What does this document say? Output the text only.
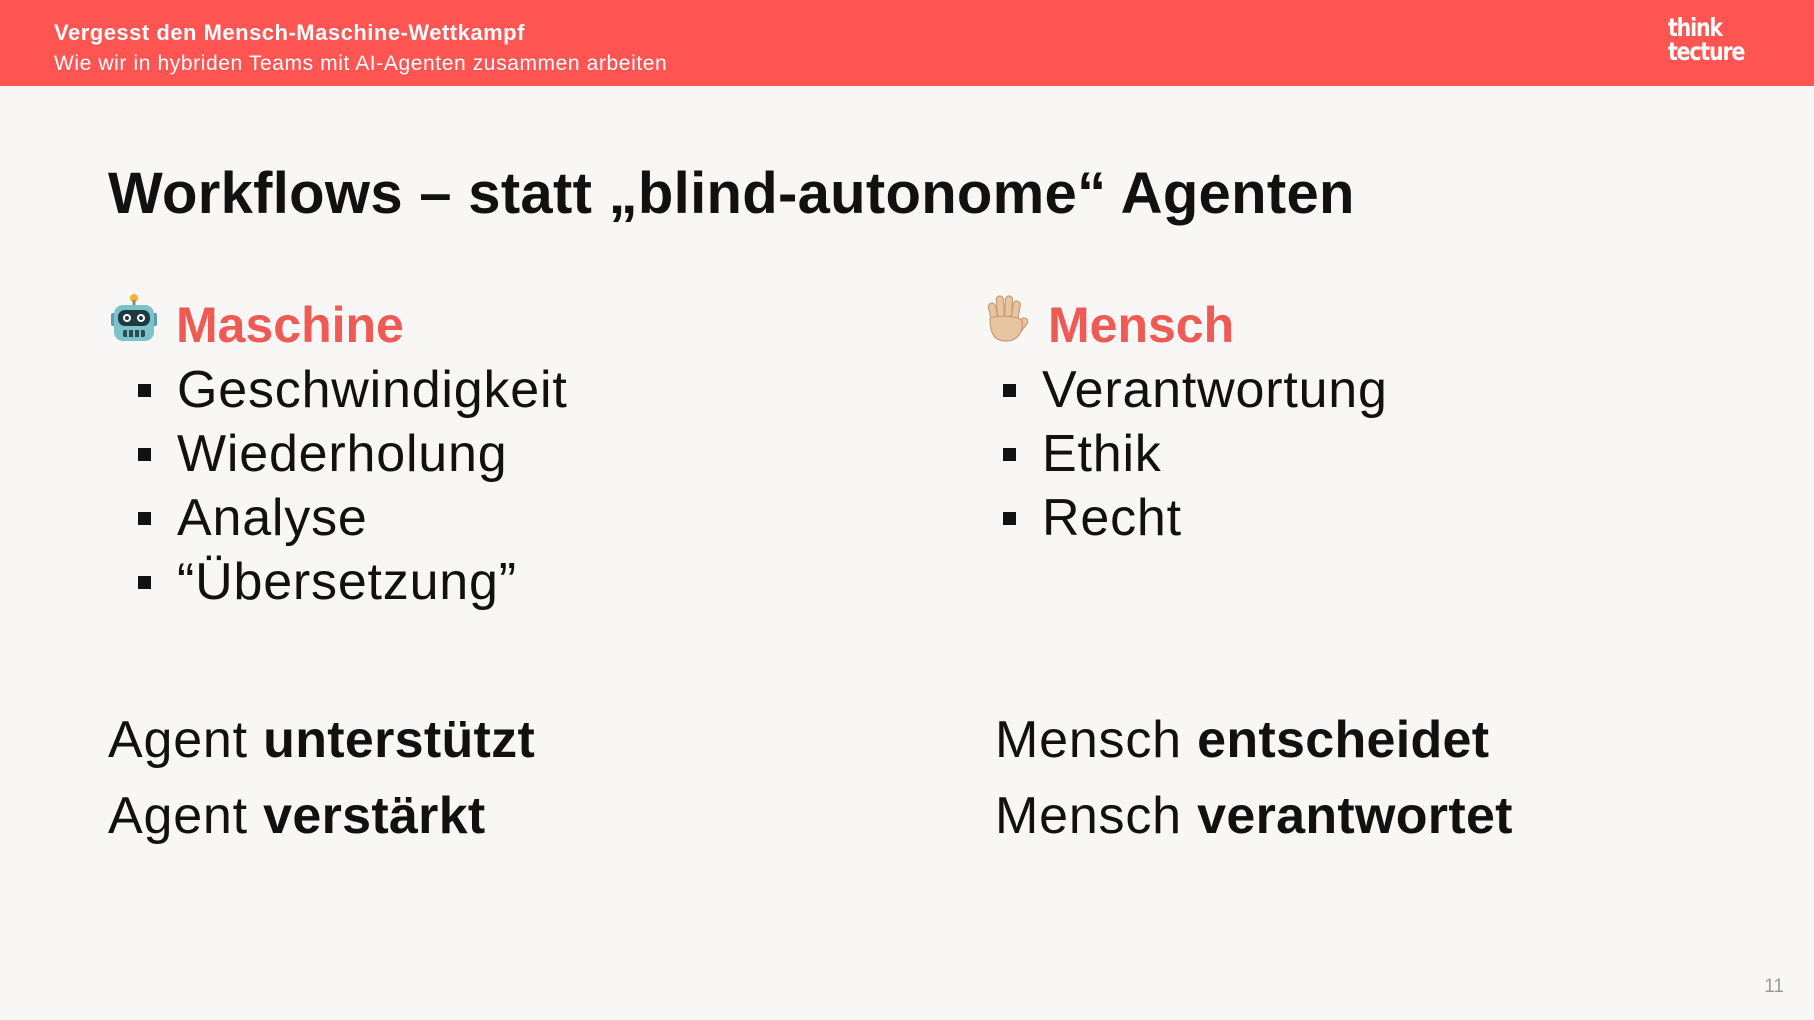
Vergesst den Mensch-Maschine-Wettkampf
Wie wir in hybriden Teams mit AI-Agenten zusammen arbeiten
think
tecture
Workflows – statt „blind-autonome“ Agenten
Maschine
Geschwindigkeit
Wiederholung
Analyse
“Übersetzung”
Mensch
Verantwortung
Ethik
Recht
Agent unterstützt
Agent verstärkt
Mensch entscheidet
Mensch verantwortet
11
